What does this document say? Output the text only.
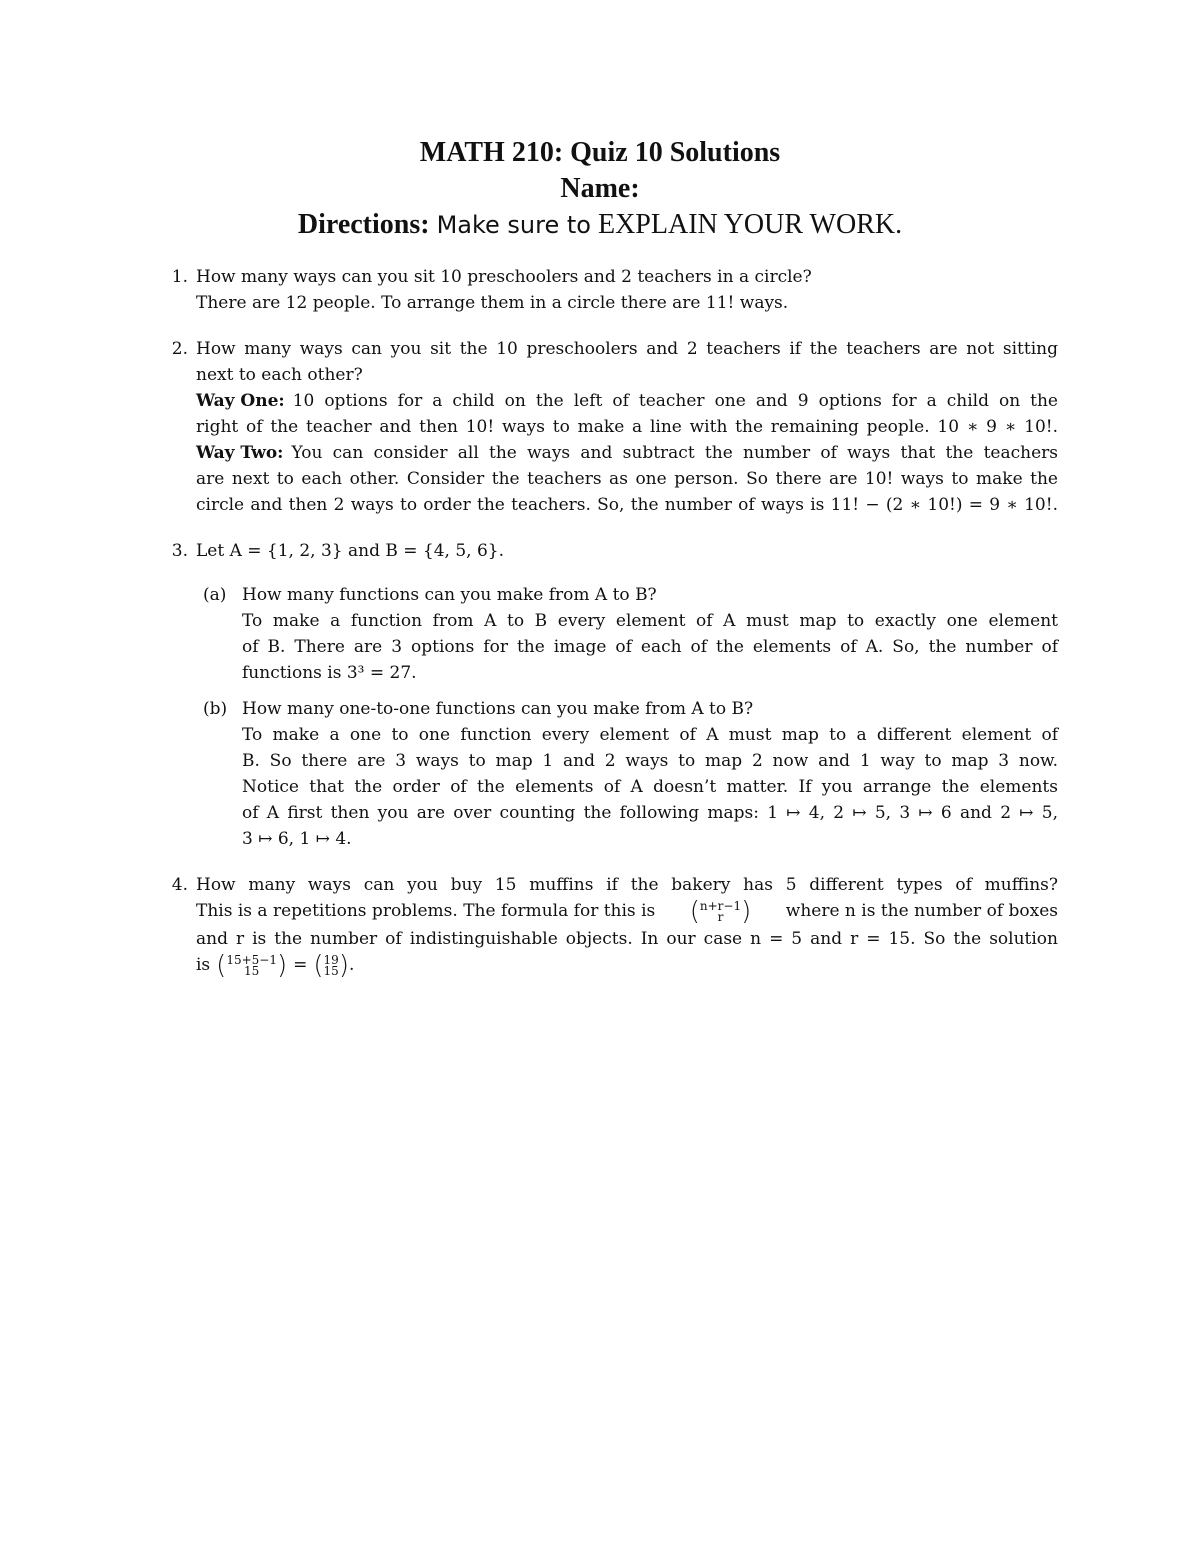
MATH 210: Quiz 10 Solutions
Name:
Directions: Make sure to EXPLAIN YOUR WORK.
1. How many ways can you sit 10 preschoolers and 2 teachers in a circle?
There are 12 people. To arrange them in a circle there are 11! ways.
2. How many ways can you sit the 10 preschoolers and 2 teachers if the teachers are not sitting
next to each other?
Way One: 10 options for a child on the left of teacher one and 9 options for a child on the
right of the teacher and then 10! ways to make a line with the remaining people. 10 ∗ 9 ∗ 10!.
Way Two: You can consider all the ways and subtract the number of ways that the teachers
are next to each other. Consider the teachers as one person. So there are 10! ways to make the
circle and then 2 ways to order the teachers. So, the number of ways is 11! − (2 ∗ 10!) = 9 ∗ 10!.
3. Let A = {1, 2, 3} and B = {4, 5, 6}.
(a) How many functions can you make from A to B?
To make a function from A to B every element of A must map to exactly one element
of B. There are 3 options for the image of each of the elements of A. So, the number of
functions is 3³ = 27.
(b) How many one-to-one functions can you make from A to B?
To make a one to one function every element of A must map to a different element of
B. So there are 3 ways to map 1 and 2 ways to map 2 now and 1 way to map 3 now.
Notice that the order of the elements of A doesn’t matter. If you arrange the elements
of A first then you are over counting the following maps: 1 ↦ 4, 2 ↦ 5, 3 ↦ 6 and 2 ↦ 5,
3 ↦ 6, 1 ↦ 4.
4. How many ways can you buy 15 muffins if the bakery has 5 different types of muffins?
This is a repetitions problems. The formula for this is ( n+r−1
r ) where n is the number of boxes
and r is the number of indistinguishable objects. In our case n = 5 and r = 15. So the solution
is ( 15+5−1
15 ) = ( 19
15 ) .
